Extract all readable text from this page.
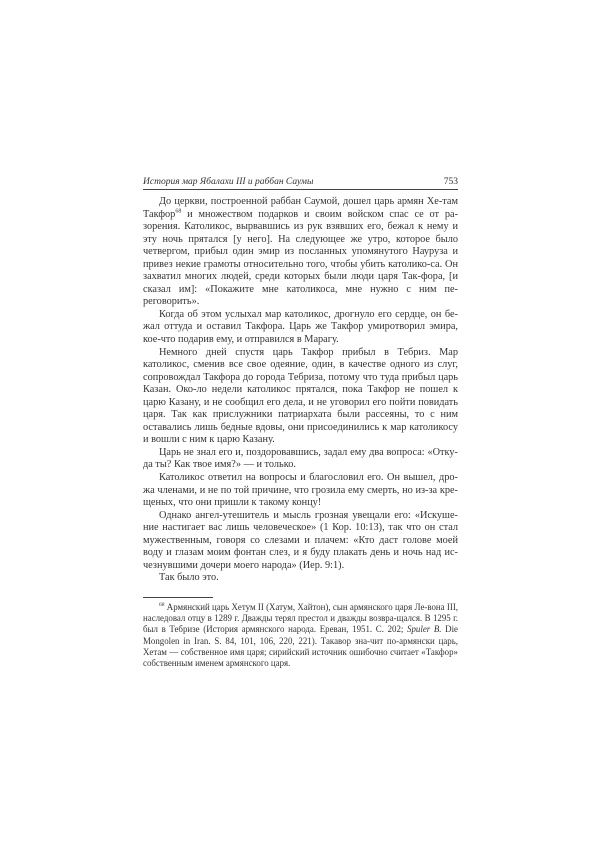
История мар Ябалахи III и раббан Саумы	753

До церкви, построенной раббан Саумой, дошел царь армян Хе-там Такфор$^{68}$ и множеством подарков и своим войском спас се от ра-зорения. Католикос, вырвавшись из рук взявших его, бежал к нему и эту ночь прятался [у него]. На следующее же утро, которое было четвергом, прибыл один эмир из посланных упомянутого Науруза и привез некие грамоты относительно того, чтобы убить католико-са. Он захватил многих людей, среди которых были люди царя Так-фора, [и сказал им]: «Покажите мне католикоса, мне нужно с ним пе-реговорить».

Когда об этом услыхал мар католикос, дрогнуло его сердце, он бе-жал оттуда и оставил Такфора. Царь же Такфор умиротворил эмира, кое-что подарив ему, и отправился в Марагу.

Немного дней спустя царь Такфор прибыл в Тебриз. Мар католикос, сменив все свое одеяние, один, в качестве одного из слуг, сопровождал Такфора до города Тебриза, потому что туда прибыл царь Казан. Око-ло недели католикос прятался, пока Такфор не пошел к царю Казану, и не сообщил его дела, и не уговорил его пойти повидать царя. Так как прислужники патриархата были рассеяны, то с ним оставались лишь бедные вдовы, они присоединились к мар католикосу и вошли с ним к царю Казану.

Царь не знал его и, поздоровавшись, задал ему два вопроса: «Отку-да ты? Как твое имя?» — и только.

Католикос ответил на вопросы и благословил его. Он вышел, дро-жа членами, и не по той причине, что грозила ему смерть, но из-за кре-щеных, что они пришли к такому концу!

Однако ангел-утешитель и мысль грозная увещали его: «Искуше-ние настигает вас лишь человеческое» (1 Кор. 10:13), так что он стал мужественным, говоря со слезами и плачем: «Кто даст голове моей воду и глазам моим фонтан слез, и я буду плакать день и ночь над ис-чезнувшими дочери моего народа» (Иер. 9:1).

Так было это.

$^{68}$ Армянский царь Хетум II (Хатум, Хайтон), сын армянского царя Ле-вона III, наследовал отцу в 1289 г. Дважды терял престол и дважды возвра-щался. В 1295 г. был в Тебризе (История армянского народа. Ереван, 1951. С. 202; Spuler B. Die Mongolen in Iran. S. 84, 101, 106, 220, 221). Такавор зна-чит по-армянски царь, Хетам — собственное имя царя; сирийский источник ошибочно считает «Такфор» собственным именем армянского царя.
